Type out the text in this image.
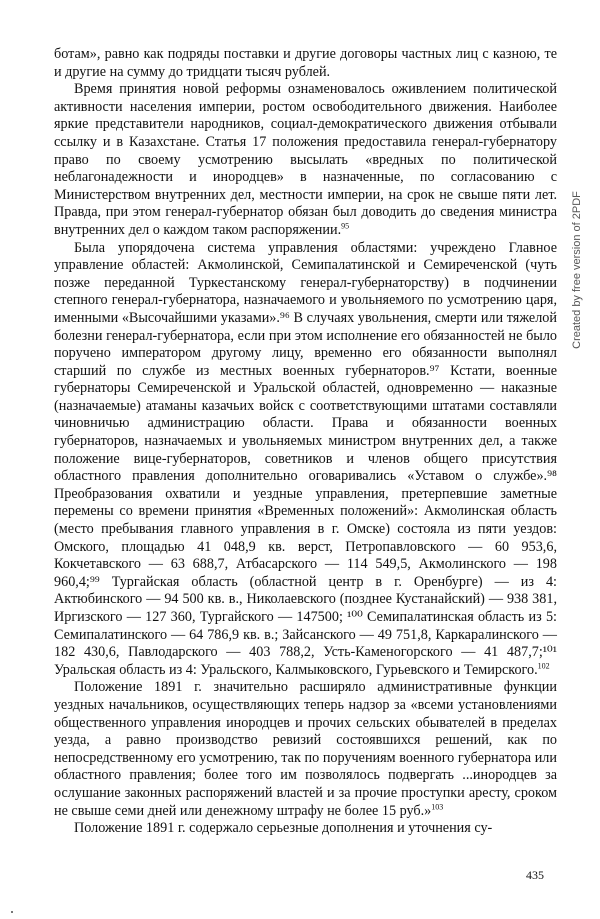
ботам», равно как подряды поставки и другие договоры частных лиц с казною, те и другие на сумму до тридцати тысяч рублей.

Время принятия новой реформы ознаменовалось оживлением политической активности населения империи, ростом освободительного движения. Наиболее яркие представители народников, социал-демократического движения отбывали ссылку и в Казахстане. Статья 17 положения предоставила генерал-губернатору право по своему усмотрению высылать «вредных по политической неблагонадежности и инородцев» в назначенные, по согласованию с Министерством внутренних дел, местности империи, на срок не свыше пяти лет. Правда, при этом генерал-губернатор обязан был доводить до сведения министра внутренних дел о каждом таком распоряжении.$^{95}$

Была упорядочена система управления областями: учреждено Главное управление областей: Акмолинской, Семипалатинской и Семиреченской (чуть позже переданной Туркестанскому генерал-губернаторству) в подчинении степного генерал-губернатора, назначаемого и увольняемого по усмотрению царя, именными «Высочайшими указами».⁹⁶ В случаях увольнения, смерти или тяжелой болезни генерал-губернатора, если при этом исполнение его обязанностей не было поручено императором другому лицу, временно его обязанности выполнял старший по службе из местных военных губернаторов.⁹⁷ Кстати, военные губернаторы Семиреченской и Уральской областей, одновременно — наказные (назначаемые) атаманы казачьих войск с соответствующими штатами составляли чиновничью администрацию области. Права и обязанности военных губернаторов, назначаемых и увольняемых министром внутренних дел, а также положение вице-губернаторов, советников и членов общего присутствия областного правления дополнительно оговаривались «Уставом о службе».⁹⁸ Преобразования охватили и уездные управления, претерпевшие заметные перемены со времени принятия «Временных положений»: Акмолинская область (место пребывания главного управления в г. Омске) состояла из пяти уездов: Омского, площадью 41 048,9 кв. верст, Петропавловского — 60 953,6, Кокчетавского — 63 688,7, Атбасарского — 114 549,5, Акмолинского — 198 960,4;⁹⁹ Тургайская область (областной центр в г. Оренбурге) — из 4: Актюбинского — 94 500 кв. в., Николаевского (позднее Кустанайский) — 938 381, Иргизского — 127 360, Тургайского — 147500; ¹⁰⁰ Семипалатинская область из 5: Семипалатинского — 64 786,9 кв. в.; Зайсанского — 49 751,8, Каркаралинского — 182 430,6, Павлодарского — 403 788,2, Усть-Каменогорского — 41 487,7;¹⁰¹ Уральская область из 4: Уральского, Калмыковского, Гурьевского и Темирского.$^{102}$

Положение 1891 г. значительно расширяло административные функции уездных начальников, осуществляющих теперь надзор за «всеми установлениями общественного управления инородцев и прочих сельских обывателей в пределах уезда, а равно производство ревизий состоявшихся решений, как по непосредственному его усмотрению, так по поручениям военного губернатора или областного правления; более того им позволялось подвергать ...инородцев за ослушание законных распоряжений властей и за прочие проступки аресту, сроком не свыше семи дней или денежному штрафу не более 15 руб.»$^{103}$

Положение 1891 г. содержало серьезные дополнения и уточнения су-

435
Created by free version of 2PDF
